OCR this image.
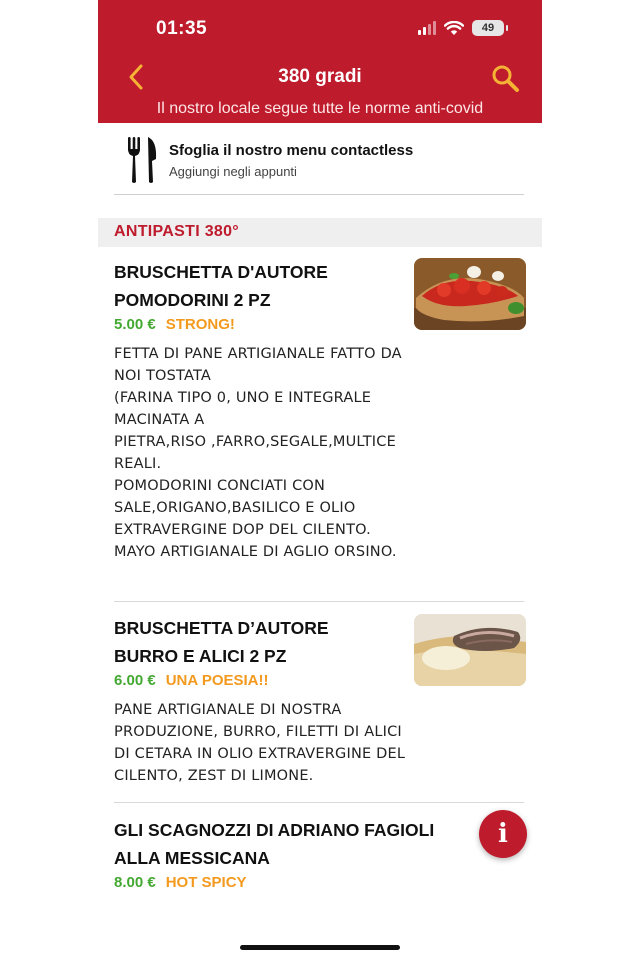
01:35	49
380 gradi
Il nostro locale segue tutte le norme anti-covid
Sfoglia il nostro menu contactless
Aggiungi negli appunti
ANTIPASTI 380°
BRUSCHETTA D'AUTORE
POMODORINI 2 PZ
5.00 € STRONG!
FETTA DI PANE ARTIGIANALE FATTO DA
NOI TOSTATA
(FARINA TIPO 0, UNO E INTEGRALE
MACINATA A
PIETRA,RISO ,FARRO,SEGALE,MULTICE
REALI.
POMODORINI CONCIATI CON
SALE,ORIGANO,BASILICO E OLIO
EXTRAVERGINE DOP DEL CILENTO.
MAYO ARTIGIANALE DI AGLIO ORSINO.
BRUSCHETTA D’AUTORE
BURRO E ALICI 2 PZ
6.00 € UNA POESIA!!
PANE ARTIGIANALE DI NOSTRA
PRODUZIONE, BURRO, FILETTI DI ALICI
DI CETARA IN OLIO EXTRAVERGINE DEL
CILENTO, ZEST DI LIMONE.
GLI SCAGNOZZI DI ADRIANO FAGIOLI
ALLA MESSICANA
8.00 € HOT SPICY
i
